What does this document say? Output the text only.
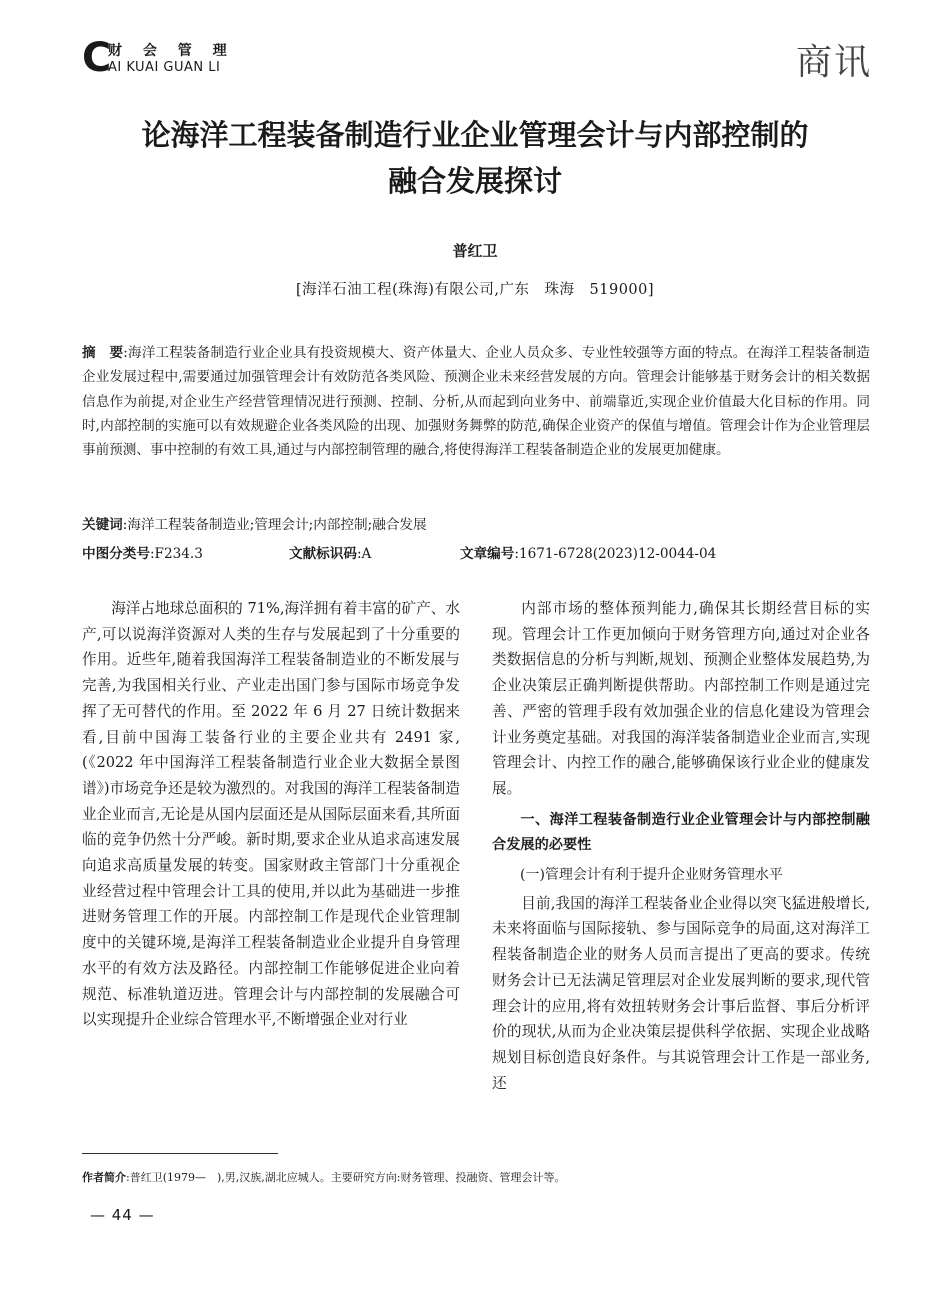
C
财 会 管 理
AI KUAI GUAN LI	商讯
论海洋工程装备制造行业企业管理会计与内部控制的
融合发展探讨
普红卫
[海洋石油工程(珠海)有限公司,广东　珠海　519000]
摘　要:海洋工程装备制造行业企业具有投资规模大、资产体量大、企业人员众多、专业性较强等方面的特点。在海洋工程装备制造企业发展过程中,需要通过加强管理会计有效防范各类风险、预测企业未来经营发展的方向。管理会计能够基于财务会计的相关数据信息作为前提,对企业生产经营管理情况进行预测、控制、分析,从而起到向业务中、前端靠近,实现企业价值最大化目标的作用。同时,内部控制的实施可以有效规避企业各类风险的出现、加强财务舞弊的防范,确保企业资产的保值与增值。管理会计作为企业管理层事前预测、事中控制的有效工具,通过与内部控制管理的融合,将使得海洋工程装备制造企业的发展更加健康。
关键词:海洋工程装备制造业;管理会计;内部控制;融合发展
中图分类号:F234.3	文献标识码:A	文章编号:1671-6728(2023)12-0044-04

海洋占地球总面积的 71%,海洋拥有着丰富的矿产、水产,可以说海洋资源对人类的生存与发展起到了十分重要的作用。近些年,随着我国海洋工程装备制造业的不断发展与完善,为我国相关行业、产业走出国门参与国际市场竞争发挥了无可替代的作用。至 2022 年 6 月 27 日统计数据来看,目前中国海工装备行业的主要企业共有 2491 家,(《2022 年中国海洋工程装备制造行业企业大数据全景图谱》)市场竞争还是较为激烈的。对我国的海洋工程装备制造业企业而言,无论是从国内层面还是从国际层面来看,其所面临的竞争仍然十分严峻。新时期,要求企业从追求高速发展向追求高质量发展的转变。国家财政主管部门十分重视企业经营过程中管理会计工具的使用,并以此为基础进一步推进财务管理工作的开展。内部控制工作是现代企业管理制度中的关键环境,是海洋工程装备制造业企业提升自身管理水平的有效方法及路径。内部控制工作能够促进企业向着规范、标准轨道迈进。管理会计与内部控制的发展融合可以实现提升企业综合管理水平,不断增强企业对行业

内部市场的整体预判能力,确保其长期经营目标的实现。管理会计工作更加倾向于财务管理方向,通过对企业各类数据信息的分析与判断,规划、预测企业整体发展趋势,为企业决策层正确判断提供帮助。内部控制工作则是通过完善、严密的管理手段有效加强企业的信息化建设为管理会计业务奠定基础。对我国的海洋装备制造业企业而言,实现管理会计、内控工作的融合,能够确保该行业企业的健康发展。

一、海洋工程装备制造行业企业管理会计与内部控制融合发展的必要性
(一)管理会计有利于提升企业财务管理水平

目前,我国的海洋工程装备业企业得以突飞猛进般增长,未来将面临与国际接轨、参与国际竞争的局面,这对海洋工程装备制造企业的财务人员而言提出了更高的要求。传统财务会计已无法满足管理层对企业发展判断的要求,现代管理会计的应用,将有效扭转财务会计事后监督、事后分析评价的现状,从而为企业决策层提供科学依据、实现企业战略规划目标创造良好条件。与其说管理会计工作是一部业务,还

作者简介:普红卫(1979—　),男,汉族,湖北应城人。主要研究方向:财务管理、投融资、管理会计等。
— 44 —
